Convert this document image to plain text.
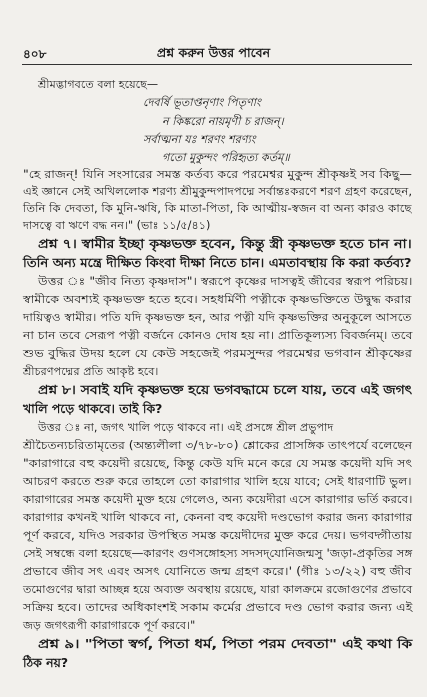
৪০৮	প্রশ্ন করুন উত্তর পাবেন
শ্রীমদ্ভাগবতে বলা হয়েছে—
দেবর্ষি ভূতাপ্তনৃণাং পিতৃণাং
ন কিঙ্করো নায়মৃণী চ রাজন্।
সর্বাত্মনা যঃ শরণং শরণ্যং
গতো মুকুন্দং পরিহৃত্য কর্তম্॥
"হে রাজন্! যিনি সংসারের সমস্ত কর্তব্য করে পরমেশ্বর মুকুন্দ শ্রীকৃষ্ণই সব কিছু—
এই জ্ঞানে সেই অখিললোক শরণ্য শ্রীমুকুন্দপাদপদ্মে সর্বান্তঃকরণে শরণ গ্রহণ করেছেন,
তিনি কি দেবতা, কি মুনি-ঋষি, কি মাতা-পিতা, কি আত্মীয়-স্বজন বা অন্য কারও কাছে
দাসত্বে বা ঋণে বদ্ধ নন।" (ভাঃ ১১/৫/৪১)
প্রশ্ন ৭। স্বামীর ইচ্ছা কৃষ্ণভক্ত হবেন, কিন্তু স্ত্রী কৃষ্ণভক্ত হতে চান না।
তিনি অন্য মন্ত্রে দীক্ষিত কিংবা দীক্ষা নিতে চান। এমতাবস্থায় কি করা কর্তব্য?
উত্তর ঃ "জীব নিত্য কৃষ্ণদাস"। স্বরূপে কৃষ্ণের দাসত্বই জীবের স্বরূপ পরিচয়।
স্বামীকে অবশ্যই কৃষ্ণভক্ত হতে হবে। সহধর্মিণী পত্নীকে কৃষ্ণভক্তিতে উদ্বুদ্ধ করার
দায়িত্বও স্বামীর। পতি যদি কৃষ্ণভক্ত হন, আর পত্নী যদি কৃষ্ণভক্তির অনুকূলে আসতে
না চান তবে সেরূপ পত্নী বর্জনে কোনও দোষ হয় না। প্রাতিকূল্যস্য বিবর্জনম্। তবে
শুভ বুদ্ধির উদয় হলে যে কেউ সহজেই পরমসুন্দর পরমেশ্বর ভগবান শ্রীকৃষ্ণের
শ্রীচরণপদ্মের প্রতি আকৃষ্ট হবে।
প্রশ্ন ৮। সবাই যদি কৃষ্ণভক্ত হয়ে ভগবদ্ধামে চলে যায়, তবে এই জগৎ
খালি পড়ে থাকবে। তাই কি?
উত্তর ঃ না, জগৎ খালি পড়ে থাকবে না। এই প্রসঙ্গে শ্রীল প্রভুপাদ
শ্রীচৈতন্যচরিতামৃতের (অন্ত্যলীলা ৩/৭৮-৮০) শ্লোকের প্রাসঙ্গিক তাৎপর্যে বলেছেন
"কারাগারে বহু কয়েদী রয়েছে, কিন্তু কেউ যদি মনে করে যে সমস্ত কয়েদী যদি সৎ
আচরণ করতে শুরু করে তাহলে তো কারাগার খালি হয়ে যাবে; সেই ধারণাটি ভুল।
কারাগারের সমস্ত কয়েদী মুক্ত হয়ে গেলেও, অন্য কয়েদীরা এসে কারাগার ভর্তি করবে।
কারাগার কখনই খালি থাকবে না, কেননা বহু কয়েদী দণ্ডভোগ করার জন্য কারাগার
পূর্ণ করবে, যদিও সরকার উপস্থিত সমস্ত কয়েদীদের মুক্ত করে দেয়। ভগবদ্গীতায়
সেই সম্বন্ধে বলা হয়েছে—কারণং গুণসঙ্গোহস্য সদসদ্‌যোনিজন্মসু 'জড়া-প্রকৃতির সঙ্গ
প্রভাবে জীব সৎ এবং অসৎ যোনিতে জন্ম গ্রহণ করে।' (গীঃ ১৩/২২) বহু জীব
তমোগুণের দ্বারা আচ্ছন্ন হয়ে অব্যক্ত অবস্থায় রয়েছে, যারা কালক্রমে রজোগুণের প্রভাবে
সক্রিয় হবে। তাদের অধিকাংশই সকাম কর্মের প্রভাবে দণ্ড ভোগ করার জন্য এই
জড় জগৎরূপী কারাগারকে পূর্ণ করবে।"
প্রশ্ন ৯। "পিতা স্বর্গ, পিতা ধর্ম, পিতা পরম দেবতা" এই কথা কি
ঠিক নয়?
